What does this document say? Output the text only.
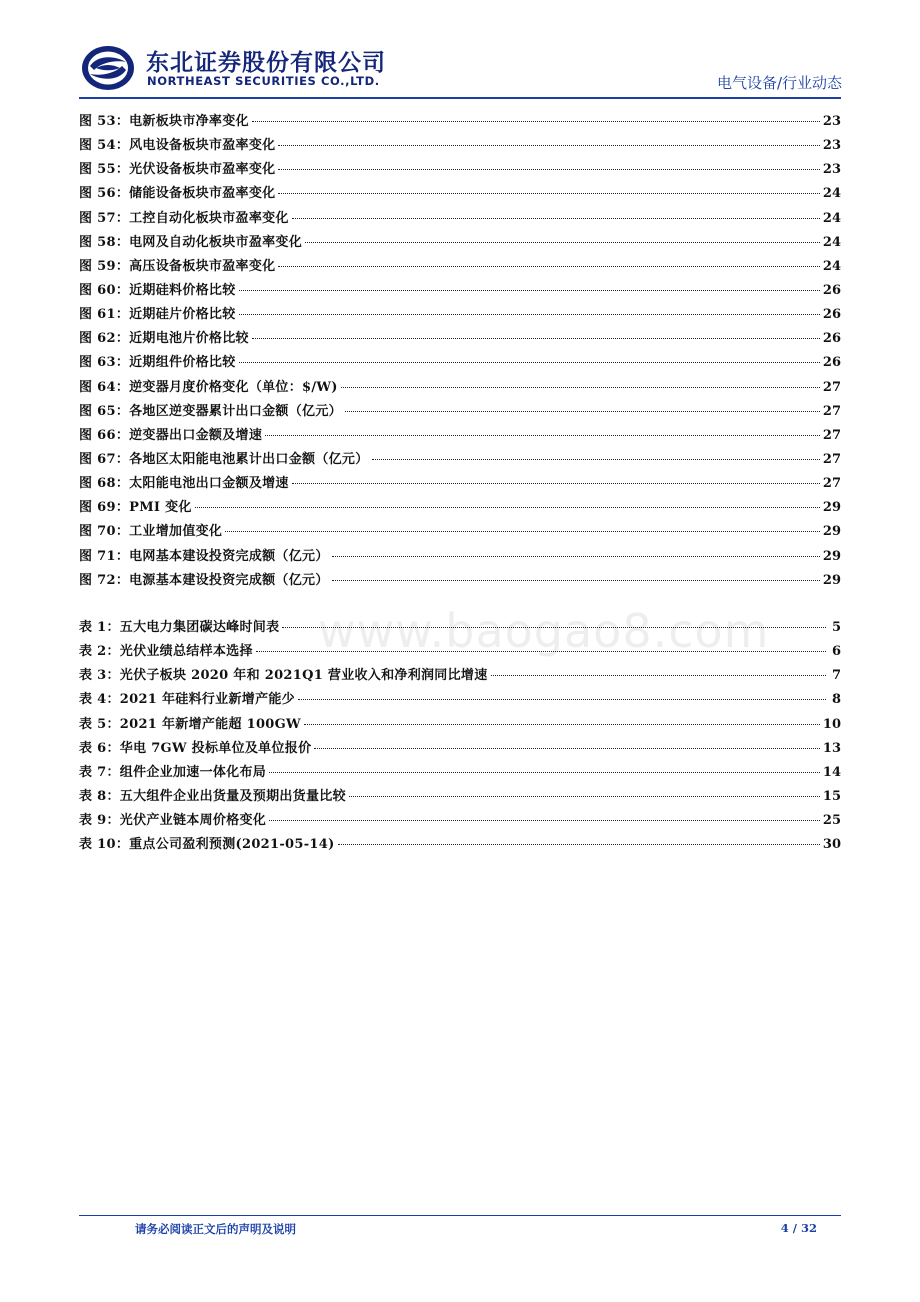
东北证券股份有限公司
NORTHEAST SECURITIES CO.,LTD.	电气设备/行业动态
图 53：电新板块市净率变化	23
图 54：风电设备板块市盈率变化	23
图 55：光伏设备板块市盈率变化	23
图 56：储能设备板块市盈率变化	24
图 57：工控自动化板块市盈率变化	24
图 58：电网及自动化板块市盈率变化	24
图 59：高压设备板块市盈率变化	24
图 60：近期硅料价格比较	26
图 61：近期硅片价格比较	26
图 62：近期电池片价格比较	26
图 63：近期组件价格比较	26
图 64：逆变器月度价格变化（单位：$/W)	27
图 65：各地区逆变器累计出口金额（亿元）	27
图 66：逆变器出口金额及增速	27
图 67：各地区太阳能电池累计出口金额（亿元）	27
图 68：太阳能电池出口金额及增速	27
图 69：PMI 变化	29
图 70：工业增加值变化	29
图 71：电网基本建设投资完成额（亿元）	29
图 72：电源基本建设投资完成额（亿元）	29
www.baogao8.com
表 1：五大电力集团碳达峰时间表	5
表 2：光伏业绩总结样本选择	6
表 3：光伏子板块 2020 年和 2021Q1 营业收入和净利润同比增速	7
表 4：2021 年硅料行业新增产能少	8
表 5：2021 年新增产能超 100GW	10
表 6：华电 7GW 投标单位及单位报价	13
表 7：组件企业加速一体化布局	14
表 8：五大组件企业出货量及预期出货量比较	15
表 9：光伏产业链本周价格变化	25
表 10：重点公司盈利预测(2021-05-14)	30
请务必阅读正文后的声明及说明	4 / 32
